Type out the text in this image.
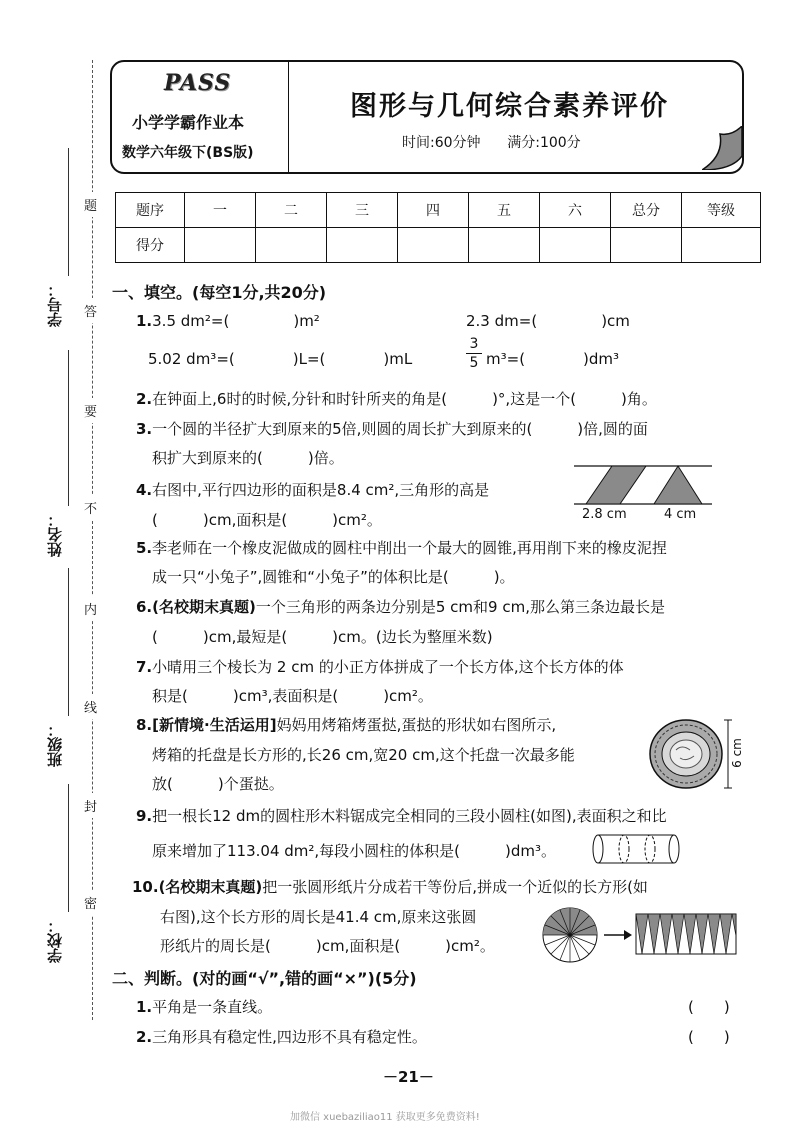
题
答
要
不
内
线
封
密
学号：
姓名：
班级：
学校：
PASS
小学学霸作业本
数学六年级下(BS版)
图形与几何综合素养评价
时间:60分钟 满分:100分
题序	一	二	三	四	五	六	总分	等级
得分								
一、填空。(每空1分,共20分)
1.3.5 dm²=(	)m²	2.3 dm=(	)cm
5.02 dm³=(	)L=(	)mL
3
5 m³=(	)dm³
2.在钟面上,6时的时候,分针和时针所夹的角是(　　　)°,这是一个(　　　)角。
3.一个圆的半径扩大到原来的5倍,则圆的周长扩大到原来的(　　　)倍,圆的面
积扩大到原来的(　　　)倍。
4.右图中,平行四边形的面积是8.4 cm²,三角形的高是
(　　　)cm,面积是(　　　)cm²。	2.8 cm	4 cm
5.李老师在一个橡皮泥做成的圆柱中削出一个最大的圆锥,再用削下来的橡皮泥捏
成一只“小兔子”,圆锥和“小兔子”的体积比是(　　　)。
6.(名校期末真题)一个三角形的两条边分别是5 cm和9 cm,那么第三条边最长是
(　　　)cm,最短是(　　　)cm。(边长为整厘米数)
7.小晴用三个棱长为 2 cm 的小正方体拼成了一个长方体,这个长方体的体
积是(　　　)cm³,表面积是(　　　)cm²。
8.[新情境·生活运用]妈妈用烤箱烤蛋挞,蛋挞的形状如右图所示,
烤箱的托盘是长方形的,长26 cm,宽20 cm,这个托盘一次最多能
放(　　　)个蛋挞。
6 cm
9.把一根长12 dm的圆柱形木料锯成完全相同的三段小圆柱(如图),表面积之和比
原来增加了113.04 dm²,每段小圆柱的体积是(　　　)dm³。
10.(名校期末真题)把一张圆形纸片分成若干等份后,拼成一个近似的长方形(如
右图),这个长方形的周长是41.4 cm,原来这张圆
形纸片的周长是(　　　)cm,面积是(　　　)cm²。
二、判断。(对的画“√”,错的画“×”)(5分)
1.平角是一条直线。	(　　)
2.三角形具有稳定性,四边形不具有稳定性。	(　　)
－21－
加微信 xuebaziliao11 获取更多免费资料!
